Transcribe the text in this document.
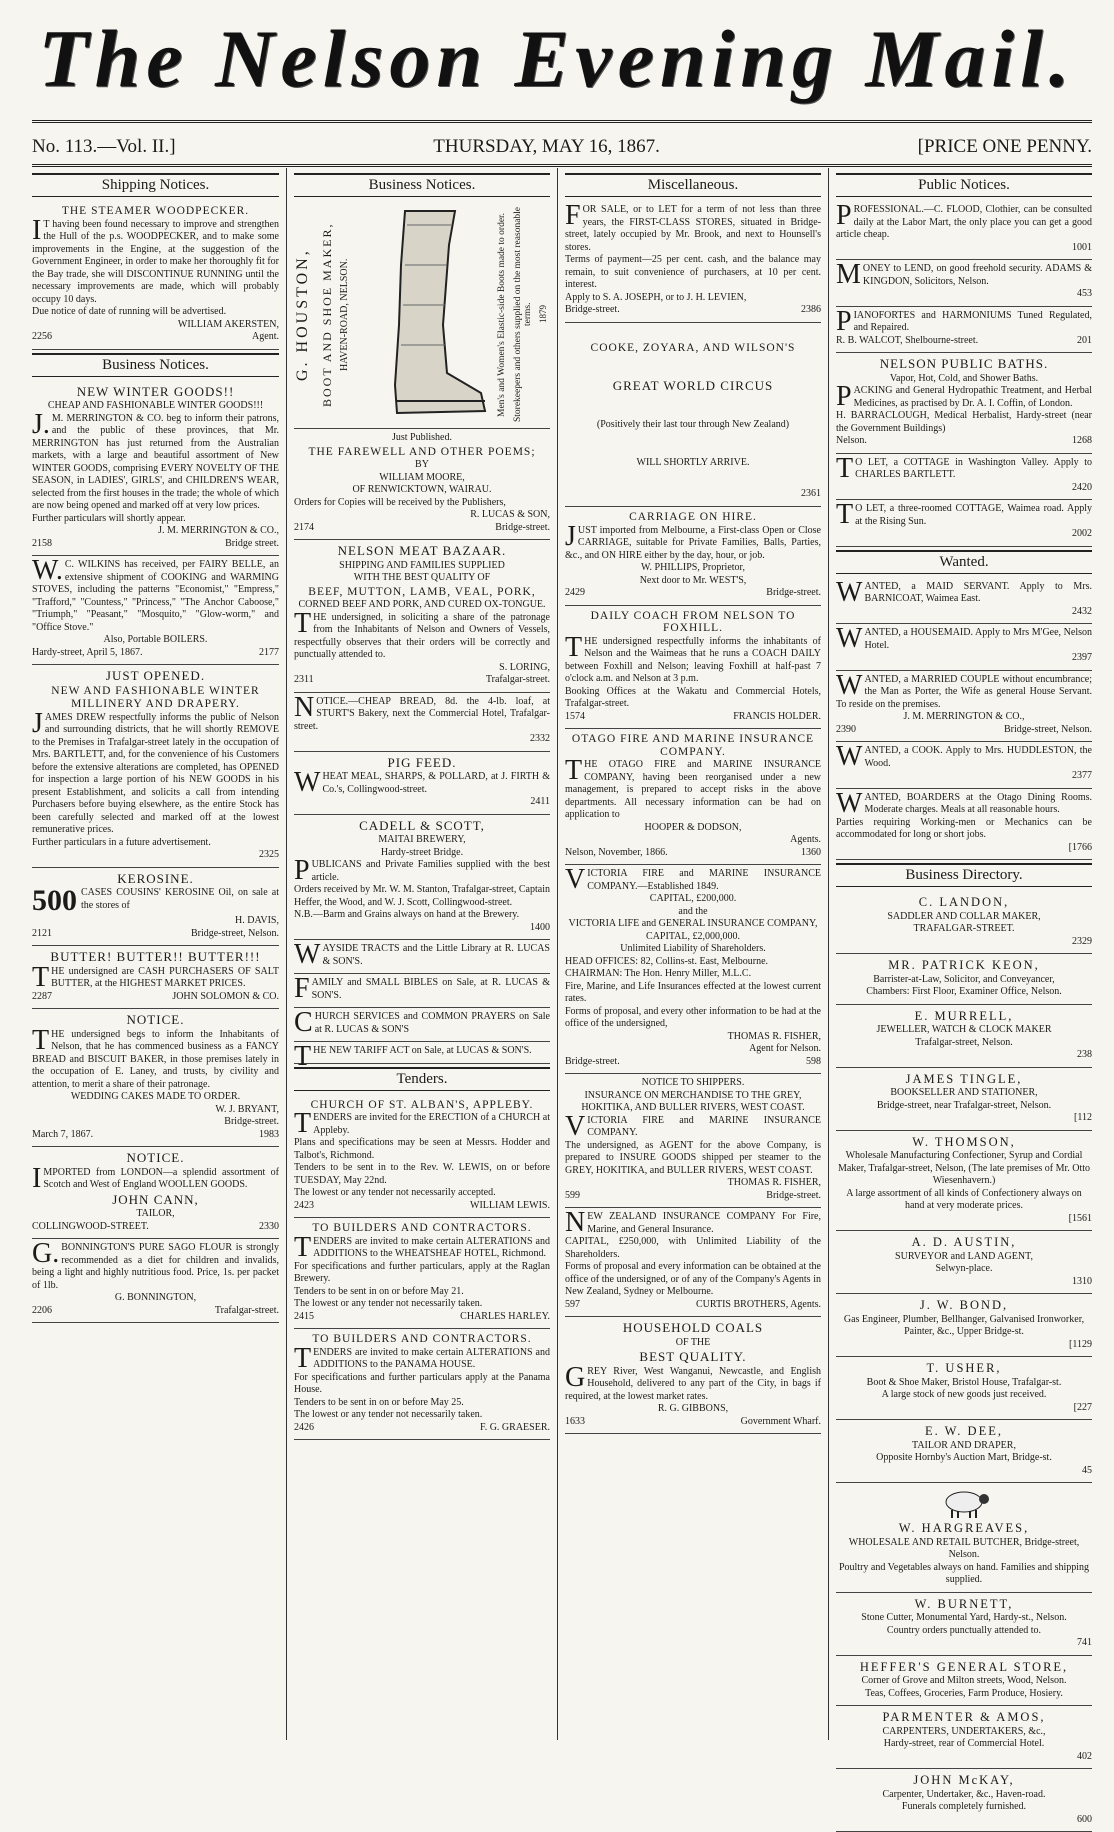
The Nelson Evening Mail.
No. 113.—Vol. II.]	THURSDAY, MAY 16, 1867.	[PRICE ONE PENNY.
Shipping Notices.
THE STEAMER WOODPECKER.

IT having been found necessary to improve and strengthen the Hull of the p.s. WOODPECKER, and to make some improvements in the Engine, at the suggestion of the Government Engineer, in order to make her thoroughly fit for the Bay trade, she will DISCONTINUE RUNNING until the necessary improvements are made, which will probably occupy 10 days.

Due notice of date of running will be advertised.

WILLIAM AKERSTEN,
2256	Agent.
Business Notices.
NEW WINTER GOODS!!
CHEAP AND FASHIONABLE WINTER GOODS!!!

J.M. MERRINGTON & CO. beg to inform their patrons, and the public of these provinces, that Mr. MERRINGTON has just returned from the Australian markets, with a large and beautiful assortment of New WINTER GOODS, comprising EVERY NOVELTY OF THE SEASON, in LADIES', GIRLS', and CHILDREN'S WEAR, selected from the first houses in the trade; the whole of which are now being opened and marked off at very low prices.

Further particulars will shortly appear.

J. M. MERRINGTON & CO.,
2158	Bridge street.

W.C. WILKINS has received, per FAIRY BELLE, an extensive shipment of COOKING and WARMING STOVES, including the patterns "Economist," "Empress," "Trafford," "Countess," "Princess," "The Anchor Caboose," "Triumph," "Peasant," "Mosquito," "Glow-worm," and "Office Stove."

Also, Portable BOILERS.
Hardy-street, April 5, 1867.	2177
JUST OPENED.
NEW AND FASHIONABLE WINTER
MILLINERY AND DRAPERY.

JAMES DREW respectfully informs the public of Nelson and surrounding districts, that he will shortly REMOVE to the Premises in Trafalgar-street lately in the occupation of Mrs. BARTLETT, and, for the convenience of his Customers before the extensive alterations are completed, has OPENED for inspection a large portion of his NEW GOODS in his present Establishment, and solicits a call from intending Purchasers before buying elsewhere, as the entire Stock has been carefully selected and marked off at the lowest remunerative prices.

Further particulars in a future advertisement.

2325
KEROSINE.

500 CASES COUSINS' KEROSINE Oil, on sale at the stores of

H. DAVIS,
2121	Bridge-street, Nelson.
BUTTER! BUTTER!! BUTTER!!!

THE undersigned are CASH PURCHASERS OF SALT BUTTER, at the HIGHEST MARKET PRICES.

2287	JOHN SOLOMON & CO.
NOTICE.

THE undersigned begs to inform the Inhabitants of Nelson, that he has commenced business as a FANCY BREAD and BISCUIT BAKER, in those premises lately in the occupation of E. Laney, and trusts, by civility and attention, to merit a share of their patronage.

WEDDING CAKES MADE TO ORDER.
W. J. BRYANT,
Bridge-street.
March 7, 1867.	1983
NOTICE.

IMPORTED from LONDON—a splendid assortment of Scotch and West of England WOOLLEN GOODS.

JOHN CANN,
TAILOR,
COLLINGWOOD-STREET.	2330

G.BONNINGTON'S PURE SAGO FLOUR is strongly recommended as a diet for children and invalids, being a light and highly nutritious food. Price, 1s. per packet of 1lb.

G. BONNINGTON,
2206	Trafalgar-street.
Business Notices.
G. HOUSTON, BOOT AND SHOE MAKER, HAVEN-ROAD, NELSON.	Men's and Women's Elastic-side Boots made to order. Storekeepers and others supplied on the most reasonable terms. 1879
Just Published.
THE FAREWELL AND OTHER POEMS;
BY
WILLIAM MOORE,
OF RENWICKTOWN, WAIRAU.

Orders for Copies will be received by the Publishers,

R. LUCAS & SON,
2174	Bridge-street.
NELSON MEAT BAZAAR.
SHIPPING AND FAMILIES SUPPLIED
WITH THE BEST QUALITY OF
BEEF, MUTTON, LAMB, VEAL, PORK,
CORNED BEEF AND PORK, AND CURED OX-TONGUE.

THE undersigned, in soliciting a share of the patronage from the Inhabitants of Nelson and Owners of Vessels, respectfully observes that their orders will be correctly and punctually attended to.

S. LORING,
2311	Trafalgar-street.

NOTICE.—CHEAP BREAD, 8d. the 4-lb. loaf, at STURT'S Bakery, next the Commercial Hotel, Trafalgar-street.

2332
PIG FEED.

WHEAT MEAL, SHARPS, & POLLARD, at J. FIRTH & Co.'s, Collingwood-street.

2411
CADELL & SCOTT,
MAITAI BREWERY,
Hardy-street Bridge.

PUBLICANS and Private Families supplied with the best article.

Orders received by Mr. W. M. Stanton, Trafalgar-street, Captain Heffer, the Wood, and W. J. Scott, Collingwood-street.

N.B.—Barm and Grains always on hand at the Brewery.

1400

WAYSIDE TRACTS and the Little Library at R. LUCAS & SON'S.

FAMILY and SMALL BIBLES on Sale, at R. LUCAS & SON'S.

CHURCH SERVICES and COMMON PRAYERS on Sale at R. LUCAS & SON'S

THE NEW TARIFF ACT on Sale, at LUCAS & SON'S.

Tenders.
CHURCH OF ST. ALBAN'S, APPLEBY.

TENDERS are invited for the ERECTION of a CHURCH at Appleby.

Plans and specifications may be seen at Messrs. Hodder and Talbot's, Richmond.

Tenders to be sent in to the Rev. W. LEWIS, on or before TUESDAY, May 22nd.

The lowest or any tender not necessarily accepted.

2423	WILLIAM LEWIS.
TO BUILDERS AND CONTRACTORS.

TENDERS are invited to make certain ALTERATIONS and ADDITIONS to the WHEATSHEAF HOTEL, Richmond.

For specifications and further particulars, apply at the Raglan Brewery.

Tenders to be sent in on or before May 21.

The lowest or any tender not necessarily taken.

2415	CHARLES HARLEY.
TO BUILDERS AND CONTRACTORS.

TENDERS are invited to make certain ALTERATIONS and ADDITIONS to the PANAMA HOUSE.

For specifications and further particulars apply at the Panama House.

Tenders to be sent in on or before May 25.

The lowest or any tender not necessarily taken.

2426	F. G. GRAESER.
Miscellaneous.

FOR SALE, or to LET for a term of not less than three years, the FIRST-CLASS STORES, situated in Bridge-street, lately occupied by Mr. Brook, and next to Hounsell's stores.

Terms of payment—25 per cent. cash, and the balance may remain, to suit convenience of purchasers, at 10 per cent. interest.

Apply to S. A. JOSEPH, or to J. H. LEVIEN,

Bridge-street.	2386
COOKE, ZOYARA, AND WILSON'S
GREAT WORLD CIRCUS
(Positively their last tour through New Zealand)
WILL SHORTLY ARRIVE.
2361
CARRIAGE ON HIRE.

JUST imported from Melbourne, a First-class Open or Close CARRIAGE, suitable for Private Families, Balls, Parties, &c., and ON HIRE either by the day, hour, or job.

W. PHILLIPS, Proprietor,
Next door to Mr. WEST'S,
2429	Bridge-street.
DAILY COACH FROM NELSON TO FOXHILL.

THE undersigned respectfully informs the inhabitants of Nelson and the Waimeas that he runs a COACH DAILY between Foxhill and Nelson; leaving Foxhill at half-past 7 o'clock a.m. and Nelson at 3 p.m.

Booking Offices at the Wakatu and Commercial Hotels, Trafalgar-street.

1574	FRANCIS HOLDER.
OTAGO FIRE AND MARINE INSURANCE COMPANY.

THE OTAGO FIRE and MARINE INSURANCE COMPANY, having been reorganised under a new management, is prepared to accept risks in the above departments. All necessary information can be had on application to

HOOPER & DODSON,
Agents.
Nelson, November, 1866.	1360

VICTORIA FIRE and MARINE INSURANCE COMPANY.—Established 1849.

CAPITAL, £200,000.
and the
VICTORIA LIFE and GENERAL INSURANCE COMPANY,
CAPITAL, £2,000,000.
Unlimited Liability of Shareholders.

HEAD OFFICES: 82, Collins-st. East, Melbourne.

CHAIRMAN: The Hon. Henry Miller, M.L.C.

Fire, Marine, and Life Insurances effected at the lowest current rates.

Forms of proposal, and every other information to be had at the office of the undersigned,

THOMAS R. FISHER,
Agent for Nelson.
Bridge-street.	598
NOTICE TO SHIPPERS.
INSURANCE ON MERCHANDISE TO THE GREY, HOKITIKA, AND BULLER RIVERS, WEST COAST.

VICTORIA FIRE and MARINE INSURANCE COMPANY.

The undersigned, as AGENT for the above Company, is prepared to INSURE GOODS shipped per steamer to the GREY, HOKITIKA, and BULLER RIVERS, WEST COAST.

THOMAS R. FISHER,
599	Bridge-street.

NEW ZEALAND INSURANCE COMPANY For Fire, Marine, and General Insurance.

CAPITAL, £250,000, with Unlimited Liability of the Shareholders.

Forms of proposal and every information can be obtained at the office of the undersigned, or of any of the Company's Agents in New Zealand, Sydney or Melbourne.

597	CURTIS BROTHERS, Agents.
HOUSEHOLD COALS
OF THE
BEST QUALITY.

GREY River, West Wanganui, Newcastle, and English Household, delivered to any part of the City, in bags if required, at the lowest market rates.

R. G. GIBBONS,
1633	Government Wharf.
Public Notices.

PROFESSIONAL.—C. FLOOD, Clothier, can be consulted daily at the Labor Mart, the only place you can get a good article cheap.

1001

MONEY to LEND, on good freehold security. ADAMS & KINGDON, Solicitors, Nelson.

453

PIANOFORTES and HARMONIUMS Tuned Regulated, and Repaired.

R. B. WALCOT, Shelbourne-street.	201
NELSON PUBLIC BATHS.
Vapor, Hot, Cold, and Shower Baths.

PACKING and General Hydropathic Treatment, and Herbal Medicines, as practised by Dr. A. I. Coffin, of London.

H. BARRACLOUGH, Medical Herbalist, Hardy-street (near the Government Buildings)

Nelson.	1268

TO LET, a COTTAGE in Washington Valley. Apply to CHARLES BARTLETT.

2420

TO LET, a three-roomed COTTAGE, Waimea road. Apply at the Rising Sun.

2002
Wanted.

WANTED, a MAID SERVANT. Apply to Mrs. BARNICOAT, Waimea East.

2432

WANTED, a HOUSEMAID. Apply to Mrs M'Gee, Nelson Hotel.

2397

WANTED, a MARRIED COUPLE without encumbrance; the Man as Porter, the Wife as general House Servant. To reside on the premises.

J. M. MERRINGTON & CO.,
2390	Bridge-street, Nelson.

WANTED, a COOK. Apply to Mrs. HUDDLESTON, the Wood.

2377

WANTED, BOARDERS at the Otago Dining Rooms. Moderate charges. Meals at all reasonable hours.

Parties requiring Working-men or Mechanics can be accommodated for long or short jobs.

[1766
Business Directory.

C. LANDON,

SADDLER AND COLLAR MAKER,

TRAFALGAR-STREET.

2329

MR. PATRICK KEON,

Barrister-at-Law, Solicitor, and Conveyancer,

Chambers: First Floor, Examiner Office, Nelson.

E. MURRELL,

JEWELLER, WATCH & CLOCK MAKER

Trafalgar-street, Nelson.

238

JAMES TINGLE,

BOOKSELLER AND STATIONER,

Bridge-street, near Trafalgar-street, Nelson.

[112

W. THOMSON,

Wholesale Manufacturing Confectioner, Syrup and Cordial Maker, Trafalgar-street, Nelson, (The late premises of Mr. Otto Wiesenhavern.)

A large assortment of all kinds of Confectionery always on hand at very moderate prices.

[1561

A. D. AUSTIN,

SURVEYOR and LAND AGENT,

Selwyn-place.

1310

J. W. BOND,

Gas Engineer, Plumber, Bellhanger, Galvanised Ironworker, Painter, &c., Upper Bridge-st.

[1129

T. USHER,

Boot & Shoe Maker, Bristol House, Trafalgar-st.

A large stock of new goods just received.

[227

E. W. DEE,

TAILOR AND DRAPER,

Opposite Hornby's Auction Mart, Bridge-st.

45

W. HARGREAVES,

WHOLESALE AND RETAIL BUTCHER, Bridge-street, Nelson.

Poultry and Vegetables always on hand. Families and shipping supplied.

W. BURNETT,

Stone Cutter, Monumental Yard, Hardy-st., Nelson.

Country orders punctually attended to.

741

HEFFER'S GENERAL STORE,

Corner of Grove and Milton streets, Wood, Nelson.

Teas, Coffees, Groceries, Farm Produce, Hosiery.

PARMENTER & AMOS,

CARPENTERS, UNDERTAKERS, &c.,

Hardy-street, rear of Commercial Hotel.

402

JOHN McKAY,

Carpenter, Undertaker, &c., Haven-road.

Funerals completely furnished.

600
